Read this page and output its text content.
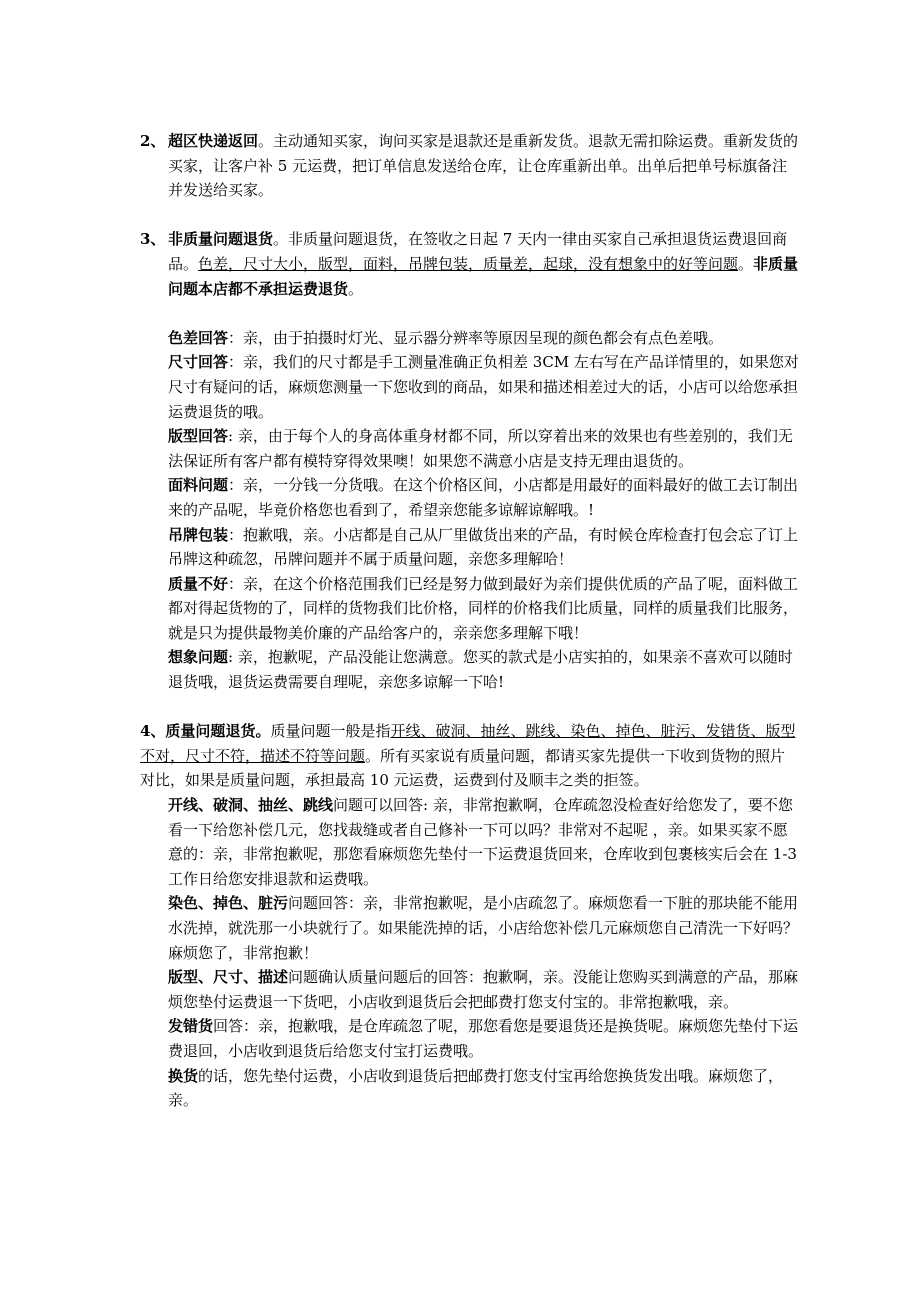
2、 超区快递返回。主动通知买家，询问买家是退款还是重新发货。退款无需扣除运费。重新发货的买家，让客户补 5 元运费，把订单信息发送给仓库，让仓库重新出单。出单后把单号标旗备注并发送给买家。
3、 非质量问题退货。非质量问题退货，在签收之日起 7 天内一律由买家自己承担退货运费退回商品。色差，尺寸大小，版型，面料，吊牌包装，质量差，起球，没有想象中的好等问题。非质量问题本店都不承担运费退货。
色差回答：亲，由于拍摄时灯光、显示器分辨率等原因呈现的颜色都会有点色差哦。
尺寸回答：亲，我们的尺寸都是手工测量准确正负相差 3CM 左右写在产品详情里的，如果您对尺寸有疑问的话，麻烦您测量一下您收到的商品，如果和描述相差过大的话，小店可以给您承担运费退货的哦。
版型回答: 亲，由于每个人的身高体重身材都不同，所以穿着出来的效果也有些差别的，我们无法保证所有客户都有模特穿得效果噢！如果您不满意小店是支持无理由退货的。
面料问题：亲，一分钱一分货哦。在这个价格区间，小店都是用最好的面料最好的做工去订制出来的产品呢，毕竟价格您也看到了，希望亲您能多谅解谅解哦。!
吊牌包装：抱歉哦，亲。小店都是自己从厂里做货出来的产品，有时候仓库检查打包会忘了订上吊牌这种疏忽，吊牌问题并不属于质量问题，亲您多理解哈！
质量不好：亲，在这个价格范围我们已经是努力做到最好为亲们提供优质的产品了呢，面料做工都对得起货物的了，同样的货物我们比价格，同样的价格我们比质量，同样的质量我们比服务，就是只为提供最物美价廉的产品给客户的，亲亲您多理解下哦！
想象问题: 亲，抱歉呢，产品没能让您满意。您买的款式是小店实拍的，如果亲不喜欢可以随时退货哦，退货运费需要自理呢，亲您多谅解一下哈!
4、质量问题退货。质量问题一般是指开线、破洞、抽丝、跳线、染色、掉色、脏污、发错货、版型不对，尺寸不符，描述不符等问题。所有买家说有质量问题，都请买家先提供一下收到货物的照片对比，如果是质量问题，承担最高 10 元运费，运费到付及顺丰之类的拒签。
开线、破洞、抽丝、跳线问题可以回答: 亲，非常抱歉啊，仓库疏忽没检查好给您发了，要不您看一下给您补偿几元，您找裁缝或者自己修补一下可以吗？非常对不起呢 ，亲。如果买家不愿意的：亲，非常抱歉呢，那您看麻烦您先垫付一下运费退货回来，仓库收到包裹核实后会在 1-3 工作日给您安排退款和运费哦。
染色、掉色、脏污问题回答：亲，非常抱歉呢，是小店疏忽了。麻烦您看一下脏的那块能不能用水洗掉，就洗那一小块就行了。如果能洗掉的话，小店给您补偿几元麻烦您自己清洗一下好吗？麻烦您了，非常抱歉！
版型、尺寸、描述问题确认质量问题后的回答：抱歉啊，亲。没能让您购买到满意的产品，那麻烦您垫付运费退一下货吧，小店收到退货后会把邮费打您支付宝的。非常抱歉哦，亲。
发错货回答：亲，抱歉哦，是仓库疏忽了呢，那您看您是要退货还是换货呢。麻烦您先垫付下运费退回，小店收到退货后给您支付宝打运费哦。
换货的话，您先垫付运费，小店收到退货后把邮费打您支付宝再给您换货发出哦。麻烦您了，亲。
